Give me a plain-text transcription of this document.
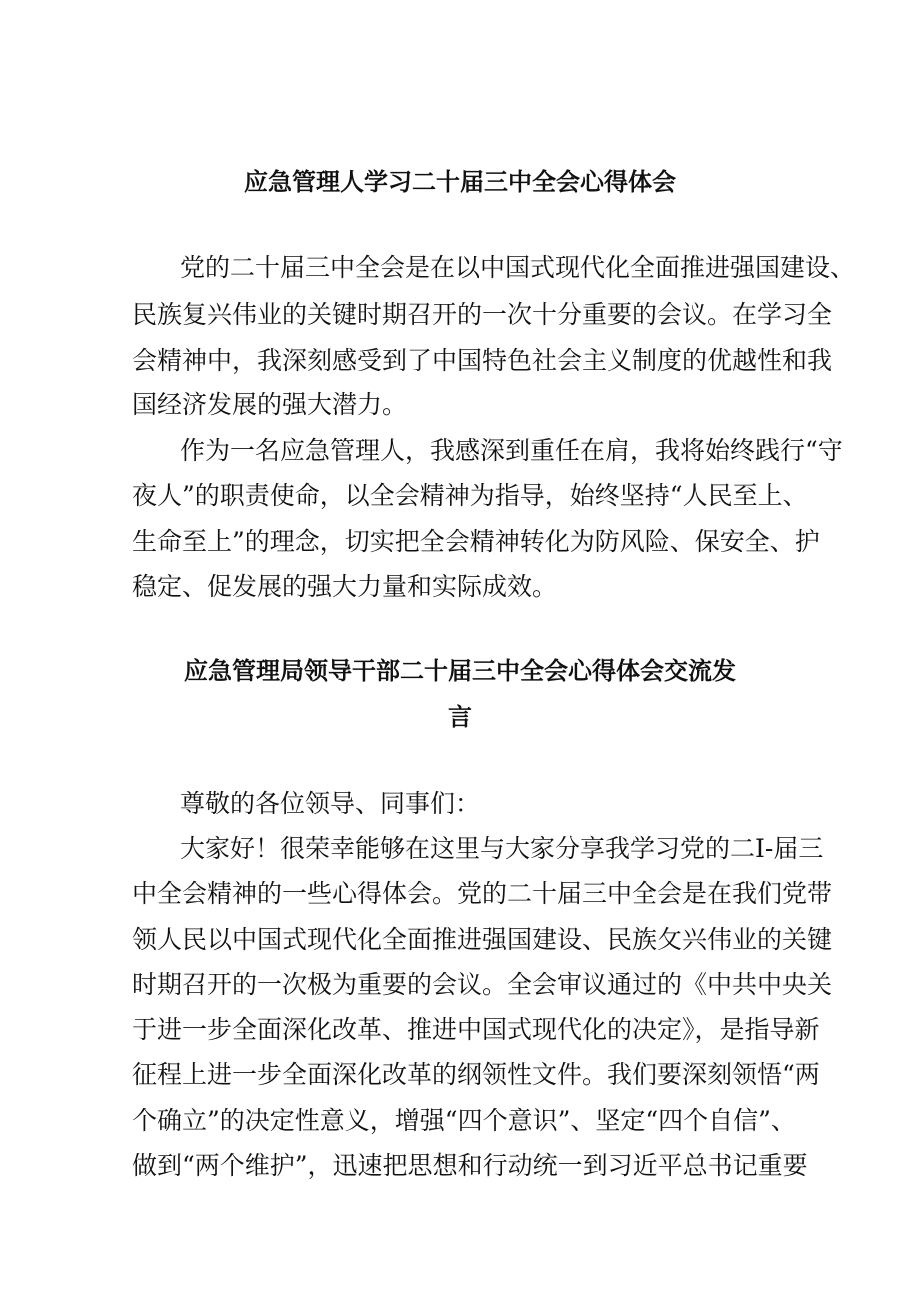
应急管理人学习二十届三中全会心得体会
党的二十届三中全会是在以中国式现代化全面推进强国建设、
民族复兴伟业的关键时期召开的一次十分重要的会议。在学习全
会精神中，我深刻感受到了中国特色社会主义制度的优越性和我
国经济发展的强大潜力。
作为一名应急管理人，我感深到重任在肩，我将始终践行“守
夜人”的职责使命，以全会精神为指导，始终坚持“人民至上、
生命至上”的理念，切实把全会精神转化为防风险、保安全、护
稳定、促发展的强大力量和实际成效。
应急管理局领导干部二十届三中全会心得体会交流发
言
尊敬的各位领导、同事们：
大家好！很荣幸能够在这里与大家分享我学习党的二I-届三
中全会精神的一些心得体会。党的二十届三中全会是在我们党带
领人民以中国式现代化全面推进强国建设、民族攵兴伟业的关键
时期召开的一次极为重要的会议。全会审议通过的《中共中央关
于进一步全面深化改革、推进中国式现代化的决定》，是指导新
征程上进一步全面深化改革的纲领性文件。我们要深刻领悟“两
个确立”的决定性意义，增强“四个意识”、坚定“四个自信”、
做到“两个维护”，迅速把思想和行动统一到习近平总书记重要
